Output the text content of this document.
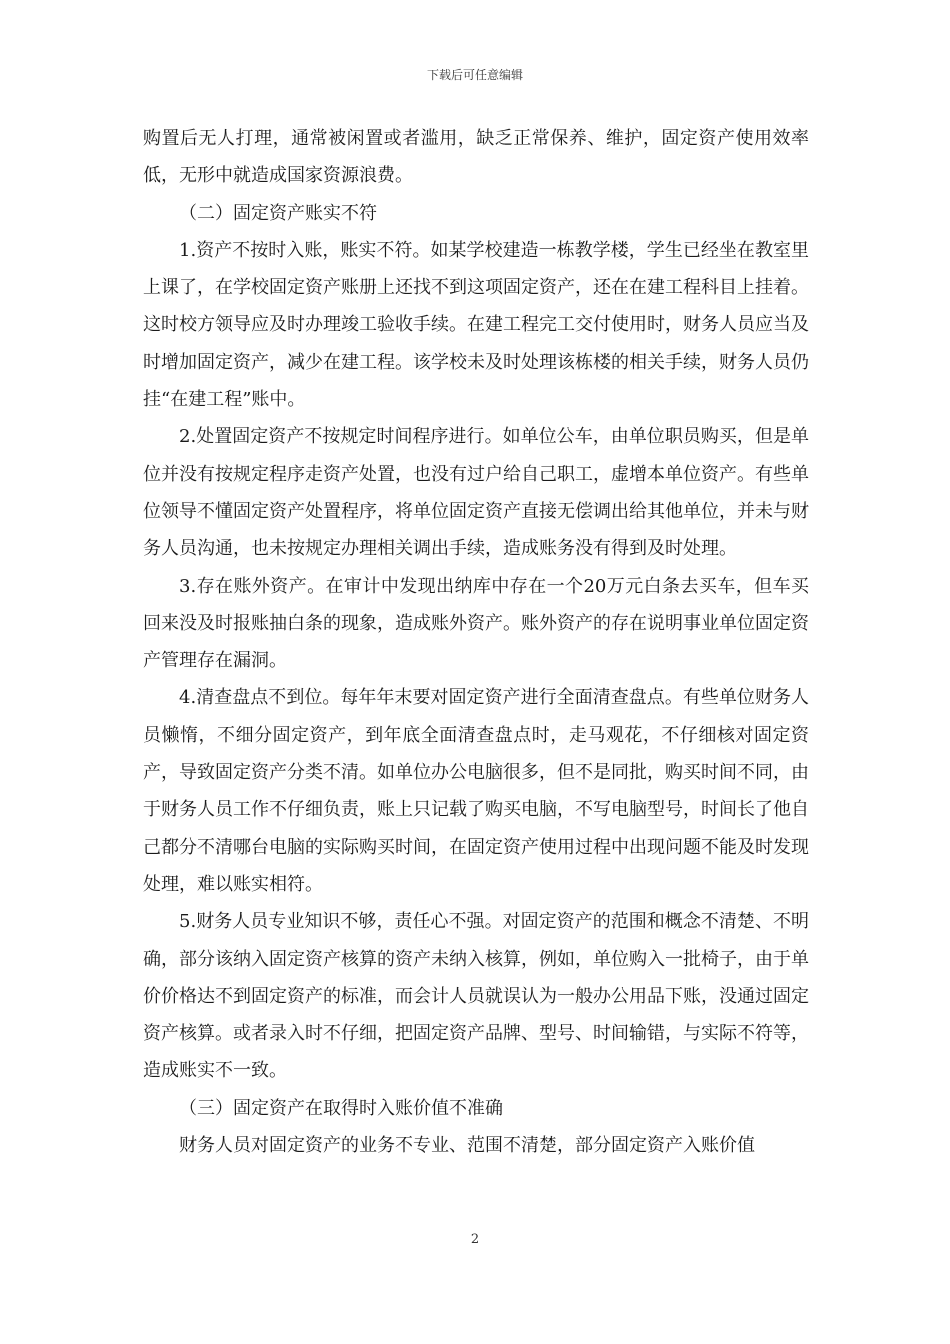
下载后可任意编辑

购置后无人打理，通常被闲置或者滥用，缺乏正常保养、维护，固定资产使用效率低，无形中就造成国家资源浪费。

（二）固定资产账实不符

1.资产不按时入账，账实不符。如某学校建造一栋教学楼，学生已经坐在教室里上课了，在学校固定资产账册上还找不到这项固定资产，还在在建工程科目上挂着。这时校方领导应及时办理竣工验收手续。在建工程完工交付使用时，财务人员应当及时增加固定资产，减少在建工程。该学校未及时处理该栋楼的相关手续，财务人员仍挂“在建工程”账中。

2.处置固定资产不按规定时间程序进行。如单位公车，由单位职员购买，但是单位并没有按规定程序走资产处置，也没有过户给自己职工，虚增本单位资产。有些单位领导不懂固定资产处置程序，将单位固定资产直接无偿调出给其他单位，并未与财务人员沟通，也未按规定办理相关调出手续，造成账务没有得到及时处理。

3.存在账外资产。在审计中发现出纳库中存在一个20万元白条去买车，但车买回来没及时报账抽白条的现象，造成账外资产。账外资产的存在说明事业单位固定资产管理存在漏洞。

4.清查盘点不到位。每年年末要对固定资产进行全面清查盘点。有些单位财务人员懒惰，不细分固定资产，到年底全面清查盘点时，走马观花，不仔细核对固定资产，导致固定资产分类不清。如单位办公电脑很多，但不是同批，购买时间不同，由于财务人员工作不仔细负责，账上只记载了购买电脑，不写电脑型号，时间长了他自己都分不清哪台电脑的实际购买时间，在固定资产使用过程中出现问题不能及时发现处理，难以账实相符。

5.财务人员专业知识不够，责任心不强。对固定资产的范围和概念不清楚、不明确，部分该纳入固定资产核算的资产未纳入核算，例如，单位购入一批椅子，由于单价价格达不到固定资产的标准，而会计人员就误认为一般办公用品下账，没通过固定资产核算。或者录入时不仔细，把固定资产品牌、型号、时间输错，与实际不符等，造成账实不一致。

（三）固定资产在取得时入账价值不准确

财务人员对固定资产的业务不专业、范围不清楚，部分固定资产入账价值

2
